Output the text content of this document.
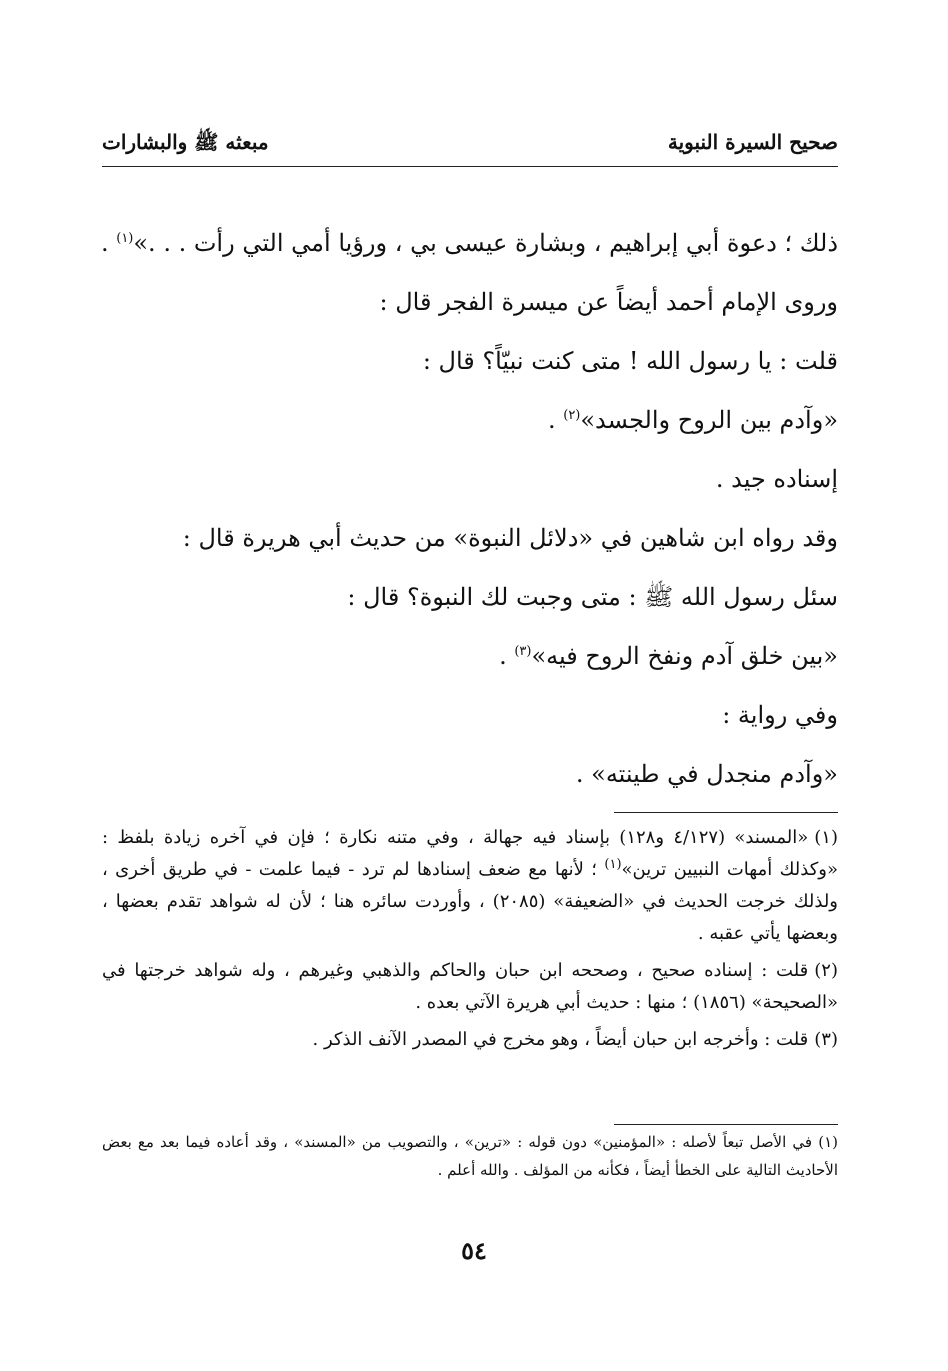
صحيح السيرة النبوية
مبعثه ﷺ والبشارات
ذلك ؛ دعوة أبي إبراهيم ، وبشارة عيسى بي ، ورؤيا أمي التي رأت . . .»$^{(١)}$ .
وروى الإمام أحمد أيضاً عن ميسرة الفجر قال :
قلت : يا رسول الله ! متى كنت نبيّاً؟ قال :
«وآدم بين الروح والجسد»$^{(٢)}$ .
إسناده جيد .
وقد رواه ابن شاهين في «دلائل النبوة» من حديث أبي هريرة قال :
سئل رسول الله ﷺ : متى وجبت لك النبوة؟ قال :
«بين خلق آدم ونفخ الروح فيه»$^{(٣)}$ .
وفي رواية :
«وآدم منجدل في طينته» .

(١)«المسند» (٤/١٢٧ و١٢٨) بإسناد فيه جهالة ، وفي متنه نكارة ؛ فإن في آخره زيادة بلفظ : «وكذلك أمهات النبيين ترين»$^{(١)}$ ؛ لأنها مع ضعف إسنادها لم ترد - فيما علمت - في طريق أخرى ، ولذلك خرجت الحديث في «الضعيفة» (٢٠٨٥) ، وأوردت سائره هنا ؛ لأن له شواهد تقدم بعضها ، وبعضها يأتي عقبه .

(٢)قلت : إسناده صحيح ، وصححه ابن حبان والحاكم والذهبي وغيرهم ، وله شواهد خرجتها في «الصحيحة» (١٨٥٦) ؛ منها : حديث أبي هريرة الآتي بعده .

(٣)قلت : وأخرجه ابن حبان أيضاً ، وهو مخرج في المصدر الآنف الذكر .

(١) في الأصل تبعاً لأصله : «المؤمنين» دون قوله : «ترين» ، والتصويب من «المسند» ، وقد أعاده فيما بعد مع بعض الأحاديث التالية على الخطأ أيضاً ، فكأنه من المؤلف . والله أعلم .

٥٤
